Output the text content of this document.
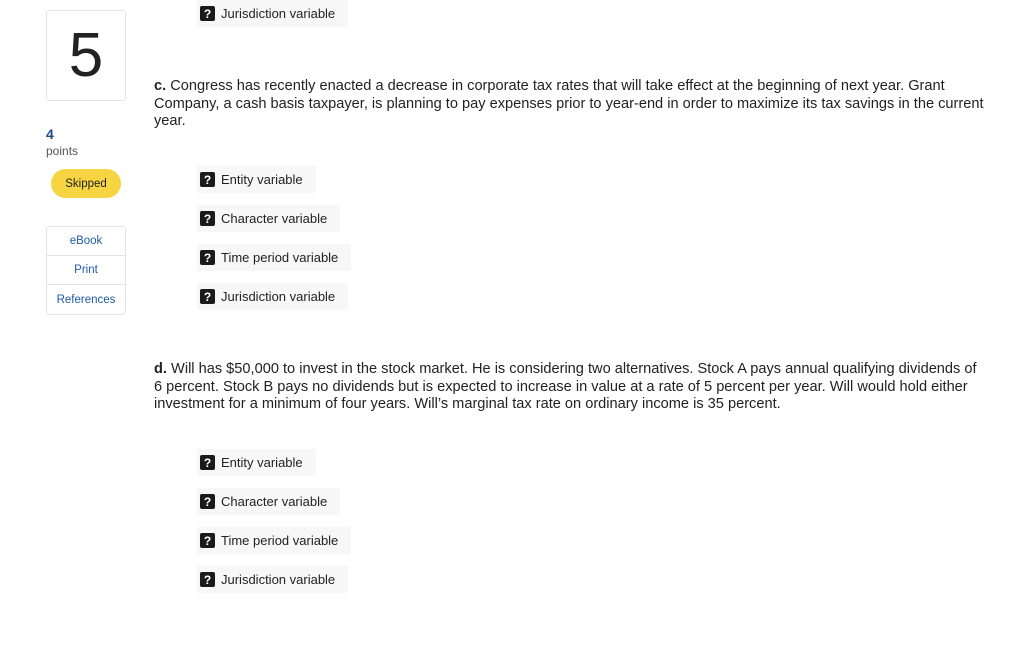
5
4
points
Skipped
eBook
Print
References
? Jurisdiction variable
c. Congress has recently enacted a decrease in corporate tax rates that will take effect at the beginning of next year. Grant Company, a cash basis taxpayer, is planning to pay expenses prior to year-end in order to maximize its tax savings in the current year.
? Entity variable
? Character variable
? Time period variable
? Jurisdiction variable
d. Will has $50,000 to invest in the stock market. He is considering two alternatives. Stock A pays annual qualifying dividends of 6 percent. Stock B pays no dividends but is expected to increase in value at a rate of 5 percent per year. Will would hold either investment for a minimum of four years. Will’s marginal tax rate on ordinary income is 35 percent.
? Entity variable
? Character variable
? Time period variable
? Jurisdiction variable
